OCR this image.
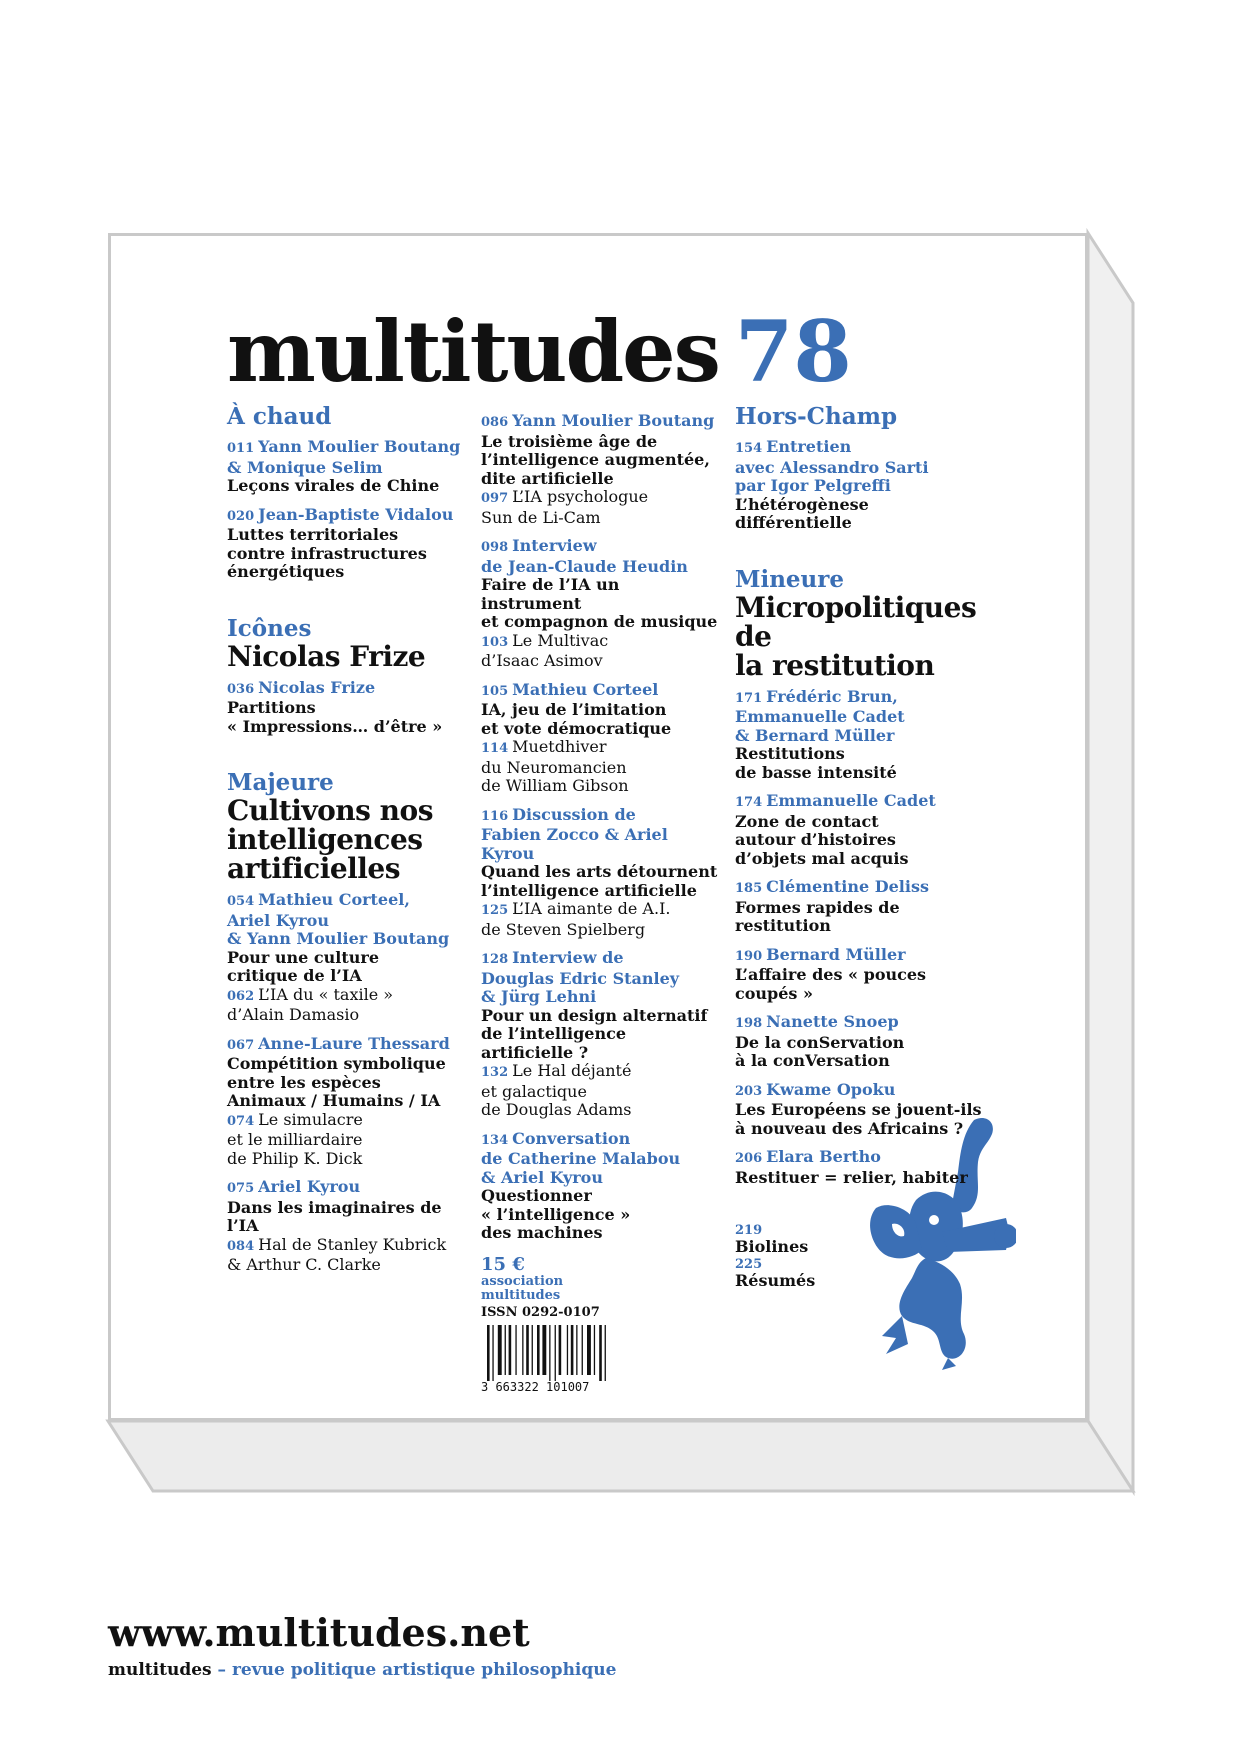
multitudes 78
À chaud
011 Yann Moulier Boutang
& Monique Selim
Leçons virales de Chine
020 Jean-Baptiste Vidalou
Luttes territoriales
contre infrastructures
énergétiques
Icônes
Nicolas Frize
036 Nicolas Frize
Partitions
« Impressions… d’être »
Majeure
Cultivons nos
intelligences
artificielles
054 Mathieu Corteel,
Ariel Kyrou
& Yann Moulier Boutang
Pour une culture
critique de l’IA
062 L’IA du « taxile »
d’Alain Damasio
067 Anne-Laure Thessard
Compétition symbolique
entre les espèces
Animaux / Humains / IA
074 Le simulacre
et le milliardaire
de Philip K. Dick
075 Ariel Kyrou
Dans les imaginaires de l’IA
084 Hal de Stanley Kubrick
& Arthur C. Clarke
086 Yann Moulier Boutang
Le troisième âge de
l’intelligence augmentée,
dite artificielle
097 L’IA psychologue
Sun de Li-Cam
098 Interview
de Jean-Claude Heudin
Faire de l’IA un instrument
et compagnon de musique
103 Le Multivac
d’Isaac Asimov
105 Mathieu Corteel
IA, jeu de l’imitation
et vote démocratique
114 Muetdhiver
du Neuromancien
de William Gibson
116 Discussion de
Fabien Zocco & Ariel Kyrou
Quand les arts détournent
l’intelligence artificielle
125 L’IA aimante de A.I.
de Steven Spielberg
128 Interview de
Douglas Edric Stanley
& Jürg Lehni
Pour un design alternatif
de l’intelligence artificielle ?
132 Le Hal déjanté
et galactique
de Douglas Adams
134 Conversation
de Catherine Malabou
& Ariel Kyrou
Questionner
« l’intelligence »
des machines
15 €
association
multitudes
ISSN 0292-0107
3 663322 101007
Hors-Champ
154 Entretien
avec Alessandro Sarti
par Igor Pelgreffi
L’hétérogènese
différentielle
Mineure
Micropolitiques
de
la restitution
171 Frédéric Brun,
Emmanuelle Cadet
& Bernard Müller
Restitutions
de basse intensité
174 Emmanuelle Cadet
Zone de contact
autour d’histoires
d’objets mal acquis
185 Clémentine Deliss
Formes rapides de restitution
190 Bernard Müller
L’affaire des « pouces coupés »
198 Nanette Snoep
De la conServation
à la conVersation
203 Kwame Opoku
Les Européens se jouent-ils
à nouveau des Africains ?
206 Elara Bertho
Restituer = relier, habiter
219
Biolines
225
Résumés
www.multitudes.net
multitudes – revue politique artistique philosophique
